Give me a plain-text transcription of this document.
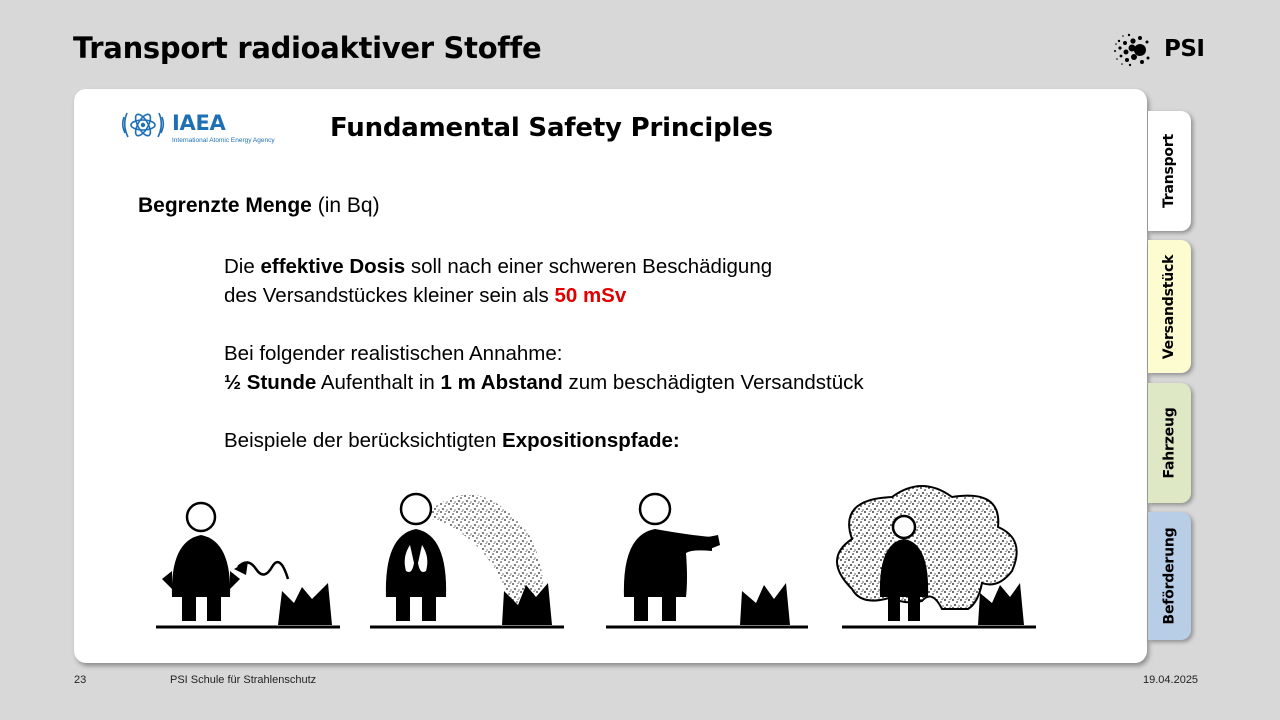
Transport radioaktiver Stoffe	PSI
IAEA
International Atomic Energy Agency Fundamental Safety Principles
Begrenzte Menge (in Bq)

Die effektive Dosis soll nach einer schweren Beschädigung

des Versandstückes kleiner sein als 50 mSv

Bei folgender realistischen Annahme:

½ Stunde Aufenthalt in 1 m Abstand zum beschädigten Versandstück

Beispiele der berücksichtigten Expositionspfade:

Transport
Versandstück
Fahrzeug
Beförderung
23	PSI Schule für Strahlenschutz	19.04.2025
